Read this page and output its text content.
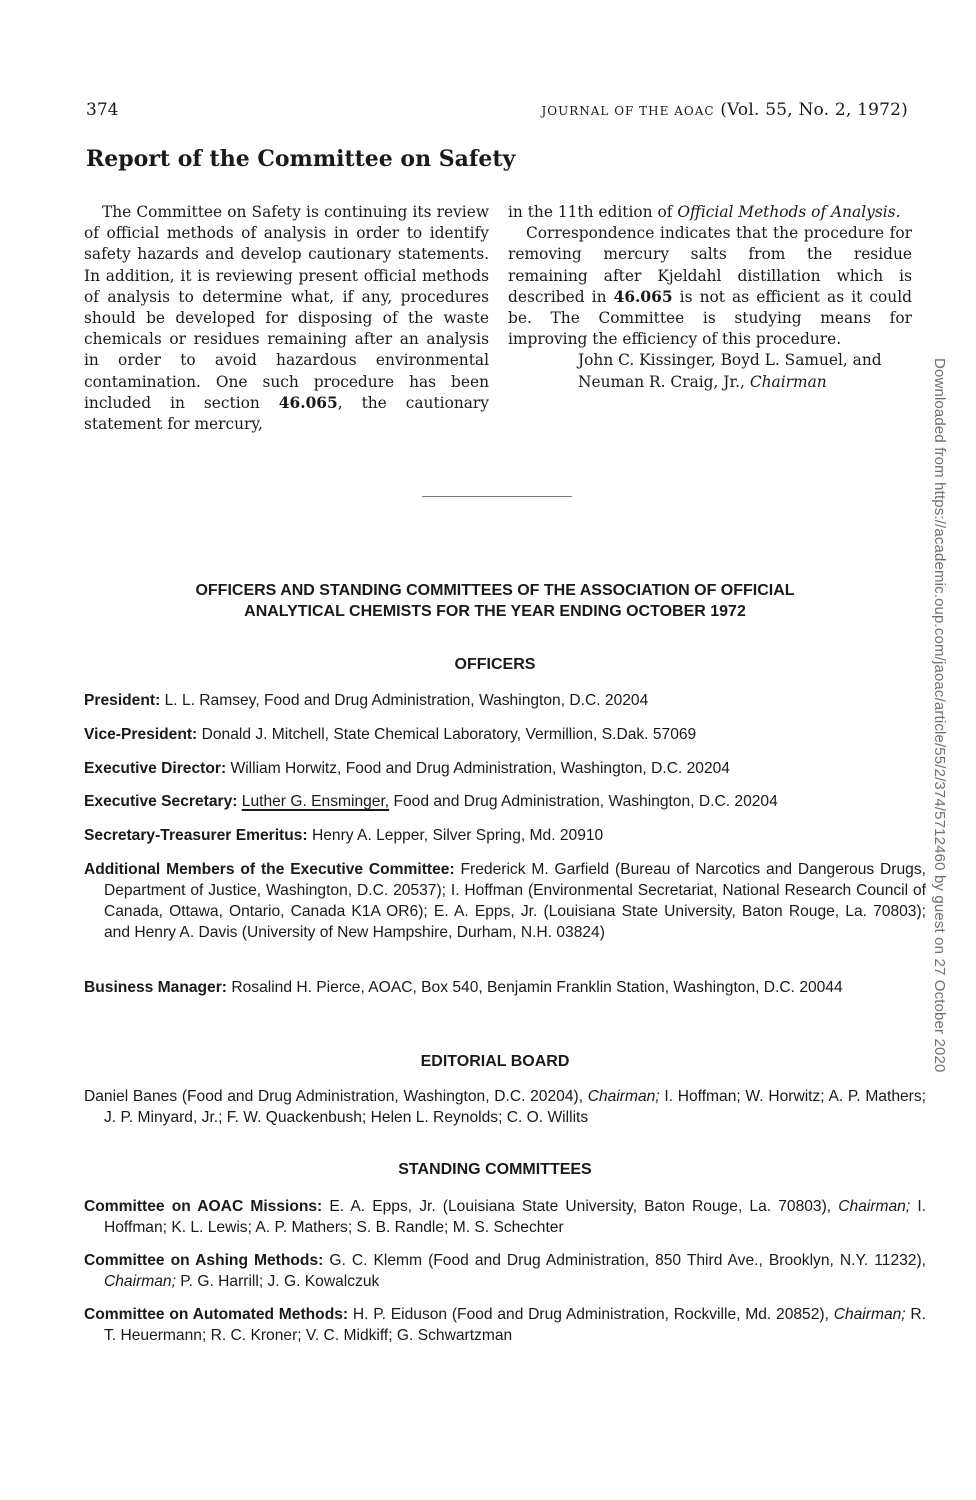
374	JOURNAL OF THE AOAC (Vol. 55, No. 2, 1972)
Report of the Committee on Safety

The Committee on Safety is continuing its review of official methods of analysis in order to identify safety hazards and develop cautionary statements. In addition, it is reviewing present official methods of analysis to determine what, if any, procedures should be developed for disposing of the waste chemicals or residues remaining after an analysis in order to avoid hazardous environmental contamination. One such procedure has been included in section 46.065, the cautionary statement for mercury,

in the 11th edition of Official Methods of Analysis.

Correspondence indicates that the procedure for removing mercury salts from the residue remaining after Kjeldahl distillation which is described in 46.065 is not as efficient as it could be. The Committee is studying means for improving the efficiency of this procedure.

John C. Kissinger, Boyd L. Samuel, and Neuman R. Craig, Jr., Chairman

OFFICERS AND STANDING COMMITTEES OF THE ASSOCIATION OF OFFICIAL
ANALYTICAL CHEMISTS FOR THE YEAR ENDING OCTOBER 1972
OFFICERS

President: L. L. Ramsey, Food and Drug Administration, Washington, D.C. 20204

Vice-President: Donald J. Mitchell, State Chemical Laboratory, Vermillion, S.Dak. 57069

Executive Director: William Horwitz, Food and Drug Administration, Washington, D.C. 20204

Executive Secretary: Luther G. Ensminger, Food and Drug Administration, Washington, D.C. 20204

Secretary-Treasurer Emeritus: Henry A. Lepper, Silver Spring, Md. 20910

Additional Members of the Executive Committee: Frederick M. Garfield (Bureau of Narcotics and Dangerous Drugs, Department of Justice, Washington, D.C. 20537); I. Hoffman (Environmental Secretariat, National Research Council of Canada, Ottawa, Ontario, Canada K1A OR6); E. A. Epps, Jr. (Louisiana State University, Baton Rouge, La. 70803); and Henry A. Davis (University of New Hampshire, Durham, N.H. 03824)

Business Manager: Rosalind H. Pierce, AOAC, Box 540, Benjamin Franklin Station, Washington, D.C. 20044

EDITORIAL BOARD

Daniel Banes (Food and Drug Administration, Washington, D.C. 20204), Chairman; I. Hoffman; W. Horwitz; A. P. Mathers; J. P. Minyard, Jr.; F. W. Quackenbush; Helen L. Reynolds; C. O. Willits

STANDING COMMITTEES

Committee on AOAC Missions: E. A. Epps, Jr. (Louisiana State University, Baton Rouge, La. 70803), Chairman; I. Hoffman; K. L. Lewis; A. P. Mathers; S. B. Randle; M. S. Schechter

Committee on Ashing Methods: G. C. Klemm (Food and Drug Administration, 850 Third Ave., Brooklyn, N.Y. 11232), Chairman; P. G. Harrill; J. G. Kowalczuk

Committee on Automated Methods: H. P. Eiduson (Food and Drug Administration, Rockville, Md. 20852), Chairman; R. T. Heuermann; R. C. Kroner; V. C. Midkiff; G. Schwartzman

Downloaded from https://academic.oup.com/jaoac/article/55/2/374/5712460 by guest on 27 October 2020
